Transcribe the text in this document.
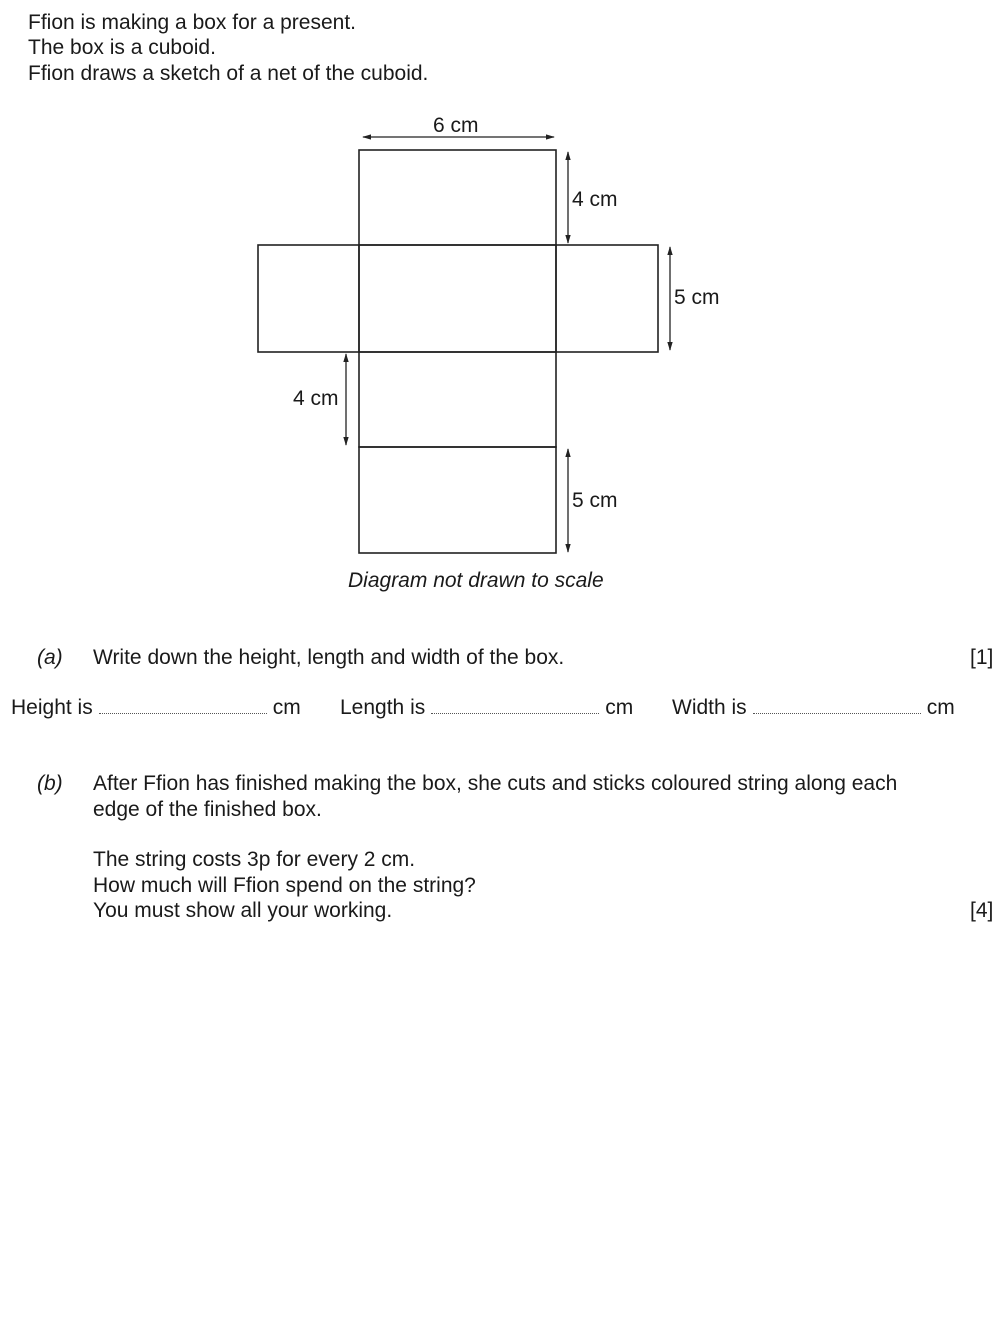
Ffion is making a box for a present.
The box is a cuboid.
Ffion draws a sketch of a net of the cuboid.
6 cm
4 cm
5 cm
4 cm
5 cm
Diagram not drawn to scale
(a) Write down the height, length and width of the box.	[1]
Height is	cm Length is	cm Width is	cm
(b) After Ffion has finished making the box, she cuts and sticks coloured string along each
edge of the finished box.
The string costs 3p for every 2 cm.
How much will Ffion spend on the string?
You must show all your working.	[4]
